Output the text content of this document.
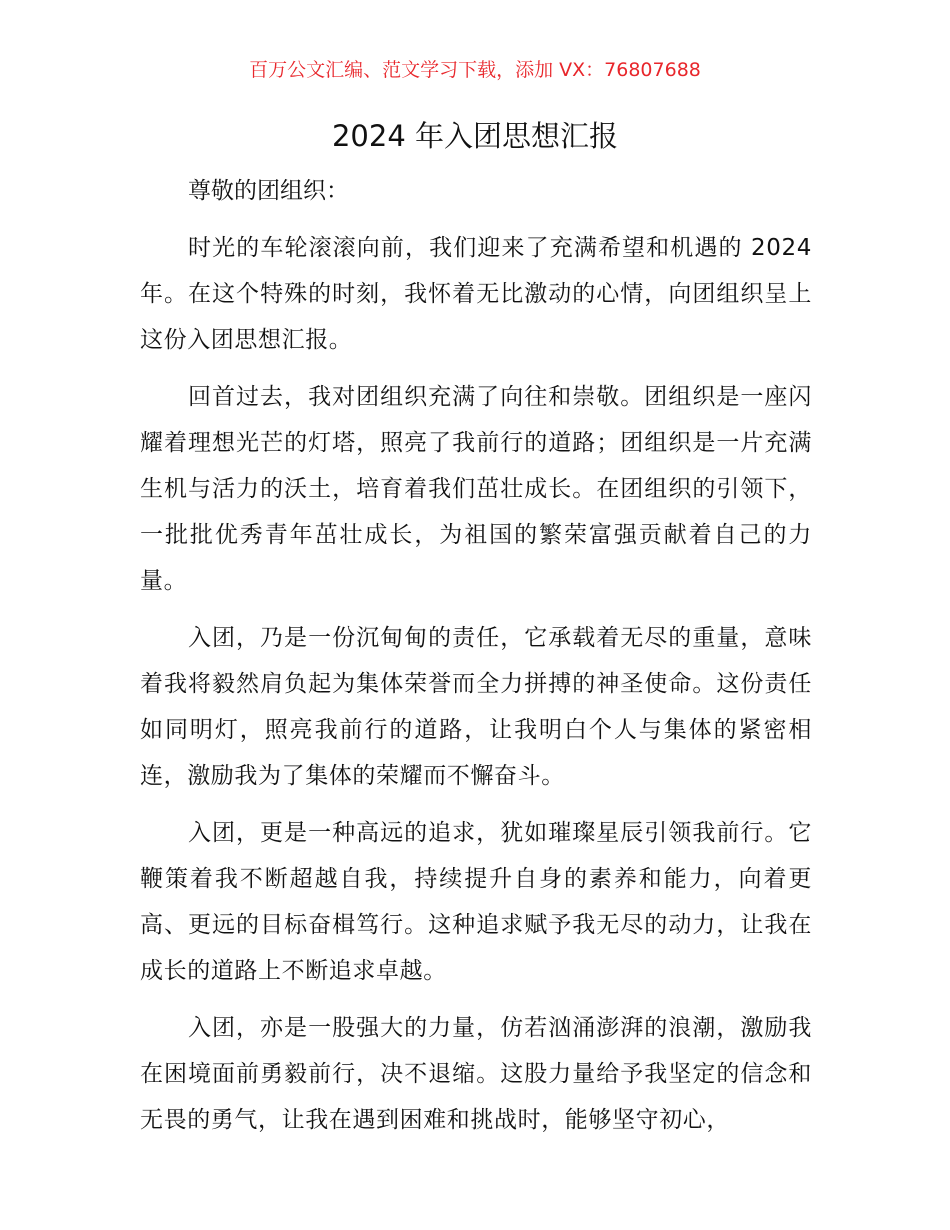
百万公文汇编、范文学习下载，添加 VX：76807688
2024 年入团思想汇报

尊敬的团组织：

时光的车轮滚滚向前，我们迎来了充满希望和机遇的 2024 年。在这个特殊的时刻，我怀着无比激动的心情，向团组织呈上这份入团思想汇报。

回首过去，我对团组织充满了向往和崇敬。团组织是一座闪耀着理想光芒的灯塔，照亮了我前行的道路；团组织是一片充满生机与活力的沃土，培育着我们茁壮成长。在团组织的引领下，一批批优秀青年茁壮成长，为祖国的繁荣富强贡献着自己的力量。

入团，乃是一份沉甸甸的责任，它承载着无尽的重量，意味着我将毅然肩负起为集体荣誉而全力拼搏的神圣使命。这份责任如同明灯，照亮我前行的道路，让我明白个人与集体的紧密相连，激励我为了集体的荣耀而不懈奋斗。

入团，更是一种高远的追求，犹如璀璨星辰引领我前行。它鞭策着我不断超越自我，持续提升自身的素养和能力，向着更高、更远的目标奋楫笃行。这种追求赋予我无尽的动力，让我在成长的道路上不断追求卓越。

入团，亦是一股强大的力量，仿若汹涌澎湃的浪潮，激励我在困境面前勇毅前行，决不退缩。这股力量给予我坚定的信念和无畏的勇气，让我在遇到困难和挑战时，能够坚守初心，
